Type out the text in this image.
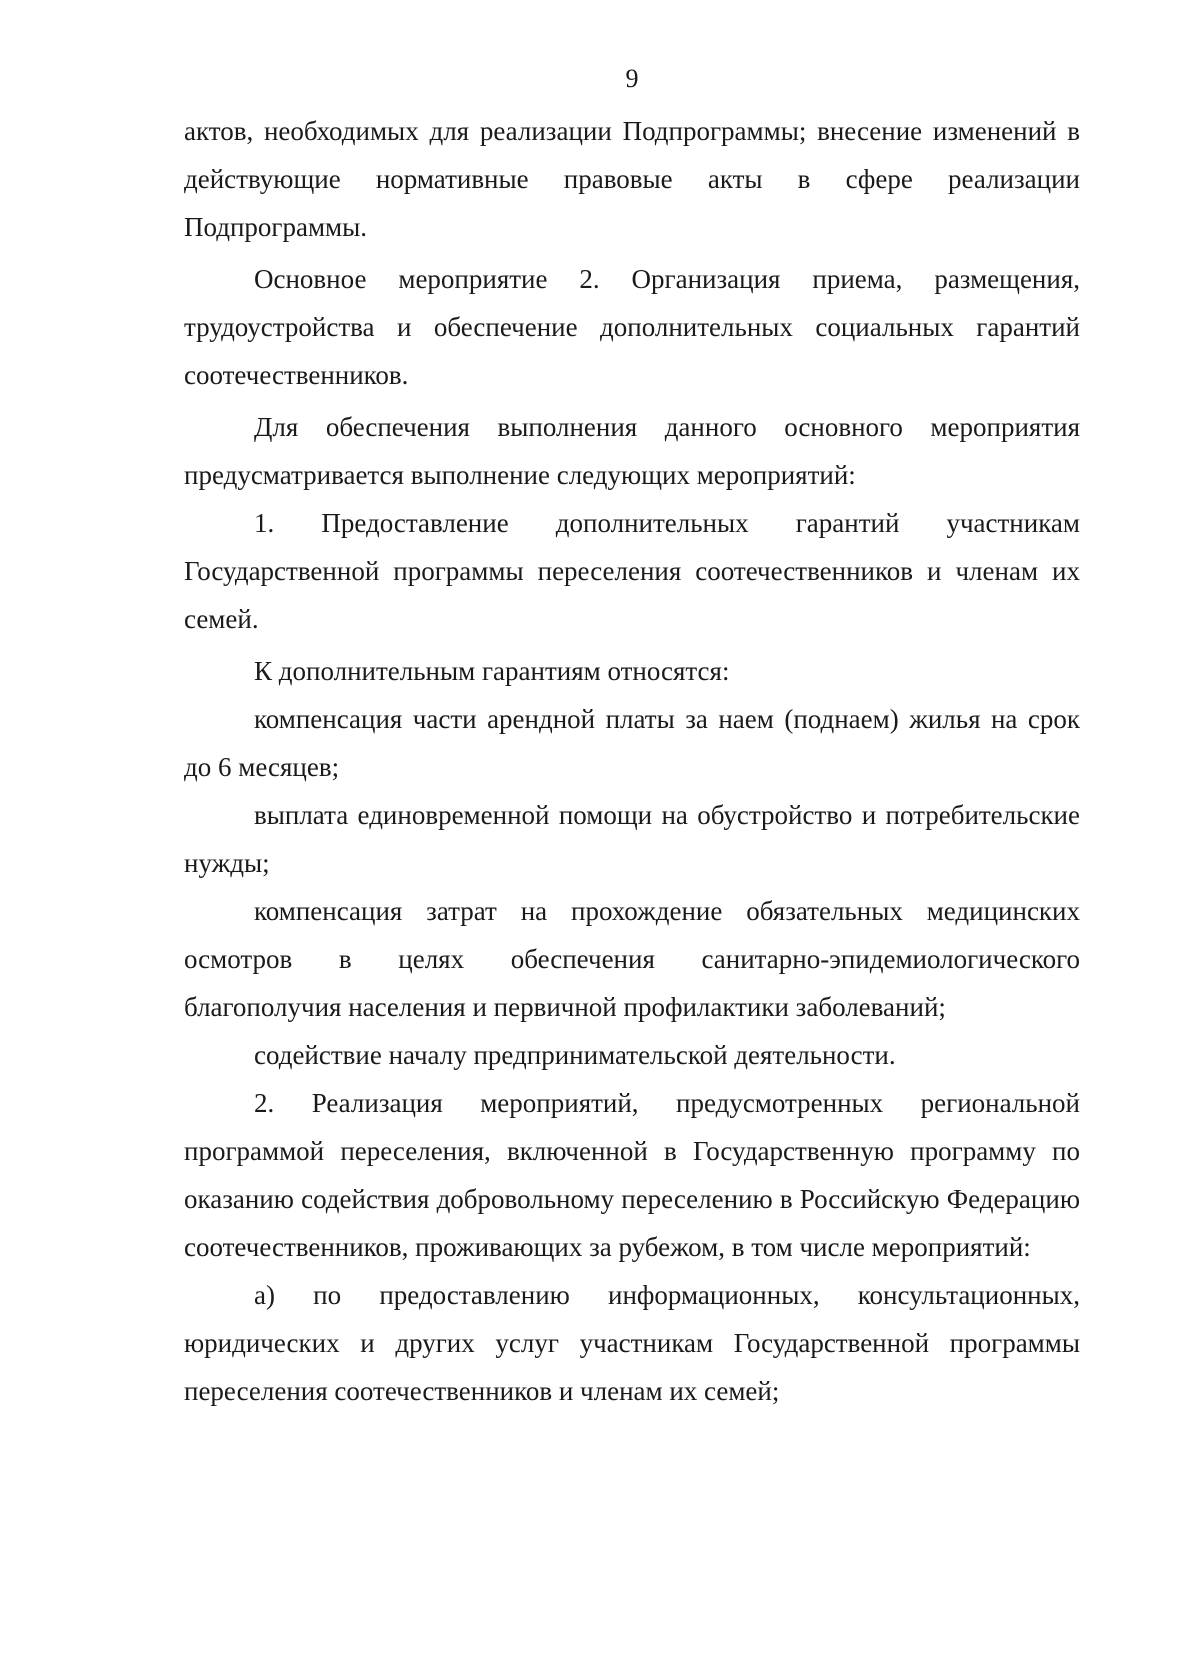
9

актов, необходимых для реализации Подпрограммы; внесение изменений в действующие нормативные правовые акты в сфере реализации Подпрограммы.

Основное мероприятие 2. Организация приема, размещения, трудоустройства и обеспечение дополнительных социальных гарантий соотечественников.

Для обеспечения выполнения данного основного мероприятия предусматривается выполнение следующих мероприятий:

1. Предоставление дополнительных гарантий участникам Государственной программы переселения соотечественников и членам их семей.

К дополнительным гарантиям относятся:

компенсация части арендной платы за наем (поднаем) жилья на срок до 6 месяцев;

выплата единовременной помощи на обустройство и потребительские нужды;

компенсация затрат на прохождение обязательных медицинских осмотров в целях обеспечения санитарно-эпидемиологического благополучия населения и первичной профилактики заболеваний;

содействие началу предпринимательской деятельности.

2. Реализация мероприятий, предусмотренных региональной программой переселения, включенной в Государственную программу по оказанию содействия добровольному переселению в Российскую Федерацию соотечественников, проживающих за рубежом, в том числе мероприятий:

а) по предоставлению информационных, консультационных, юридических и других услуг участникам Государственной программы переселения соотечественников и членам их семей;
